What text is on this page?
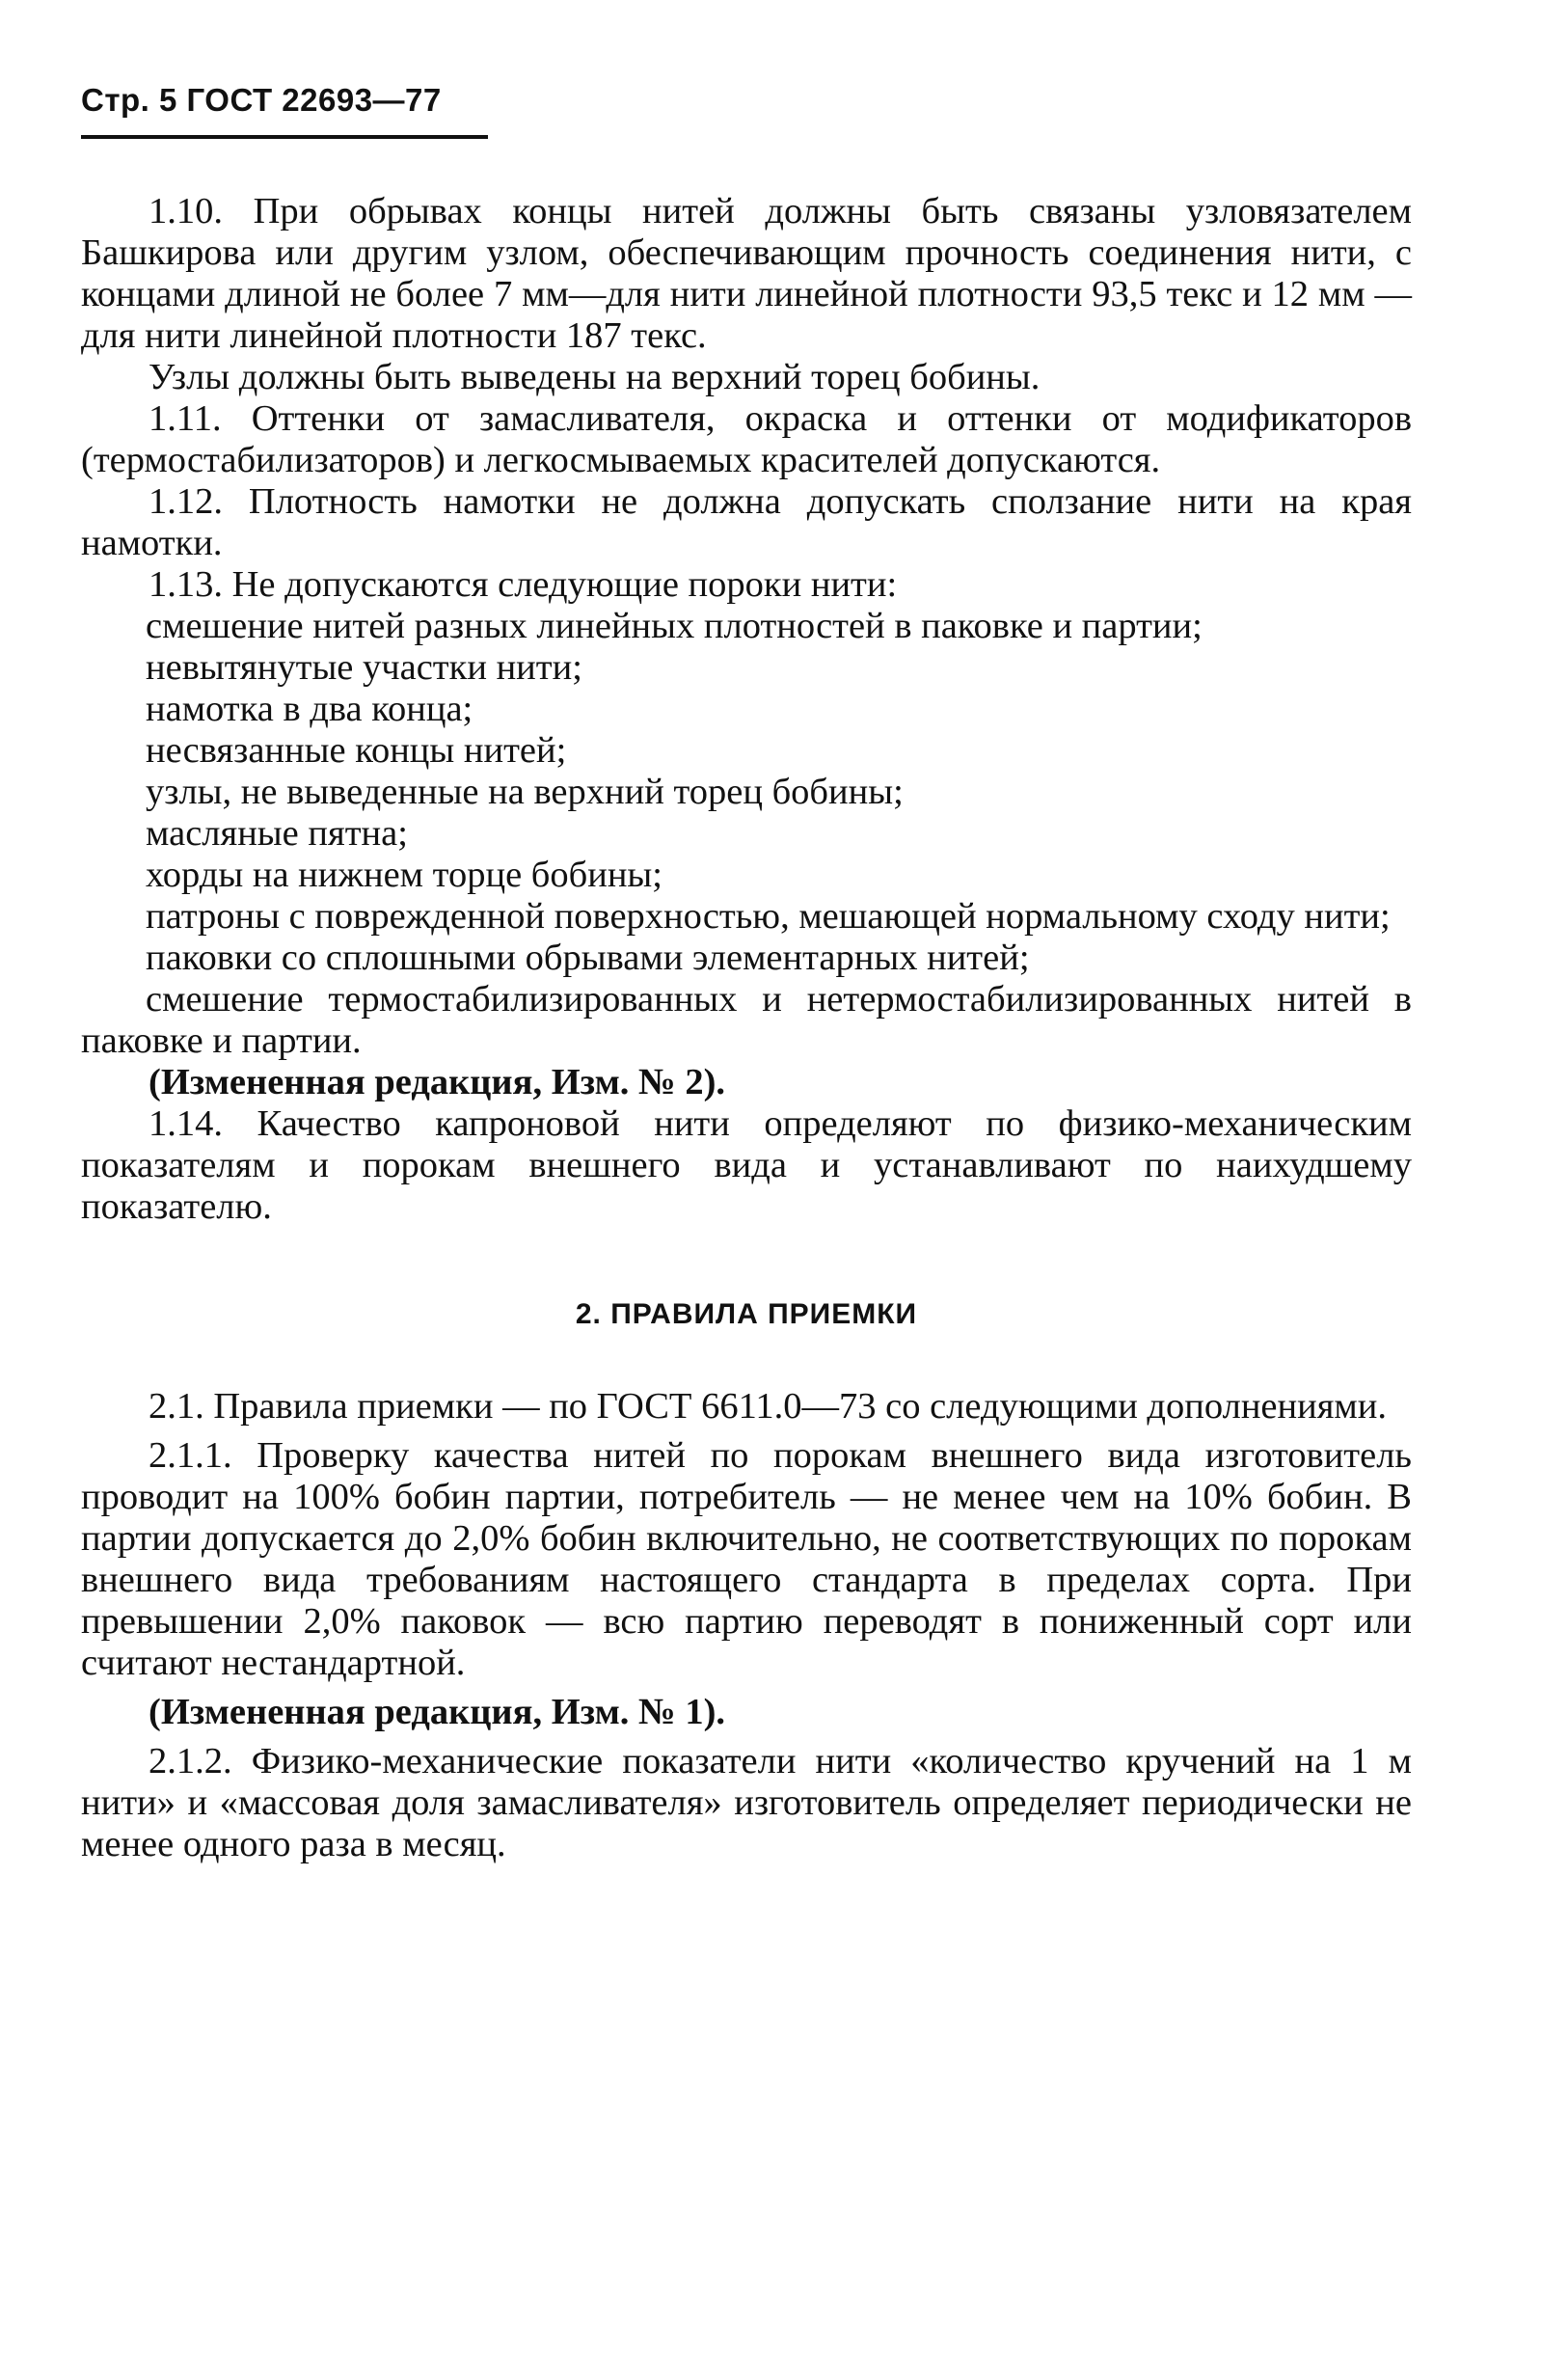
Стр. 5 ГОСТ 22693—77

1.10. При обрывах концы нитей должны быть связаны узловязателем Башкирова или другим узлом, обеспечивающим прочность соединения нити, с концами длиной не более 7 мм—для нити линейной плотности 93,5 текс и 12 мм — для нити линейной плотности 187 текс.

Узлы должны быть выведены на верхний торец бобины.

1.11. Оттенки от замасливателя, окраска и оттенки от модификаторов (термостабилизаторов) и легкосмываемых красителей допускаются.

1.12. Плотность намотки не должна допускать сползание нити на края намотки.

1.13. Не допускаются следующие пороки нити:

смешение нитей разных линейных плотностей в паковке и партии;

невытянутые участки нити;

намотка в два конца;

несвязанные концы нитей;

узлы, не выведенные на верхний торец бобины;

масляные пятна;

хорды на нижнем торце бобины;

патроны с поврежденной поверхностью, мешающей нормальному сходу нити;

паковки со сплошными обрывами элементарных нитей;

смешение термостабилизированных и нетермостабилизированных нитей в паковке и партии.

(Измененная редакция, Изм. № 2).

1.14. Качество капроновой нити определяют по физико-механическим показателям и порокам внешнего вида и устанавливают по наихудшему показателю.

2. ПРАВИЛА ПРИЕМКИ

2.1. Правила приемки — по ГОСТ 6611.0—73 со следующими дополнениями.

2.1.1. Проверку качества нитей по порокам внешнего вида изготовитель проводит на 100% бобин партии, потребитель — не менее чем на 10% бобин. В партии допускается до 2,0% бобин включительно, не соответствующих по порокам внешнего вида требованиям настоящего стандарта в пределах сорта. При превышении 2,0% паковок — всю партию переводят в пониженный сорт или считают нестандартной.

(Измененная редакция, Изм. № 1).

2.1.2. Физико-механические показатели нити «количество кручений на 1 м нити» и «массовая доля замасливателя» изготовитель определяет периодически не менее одного раза в месяц.
